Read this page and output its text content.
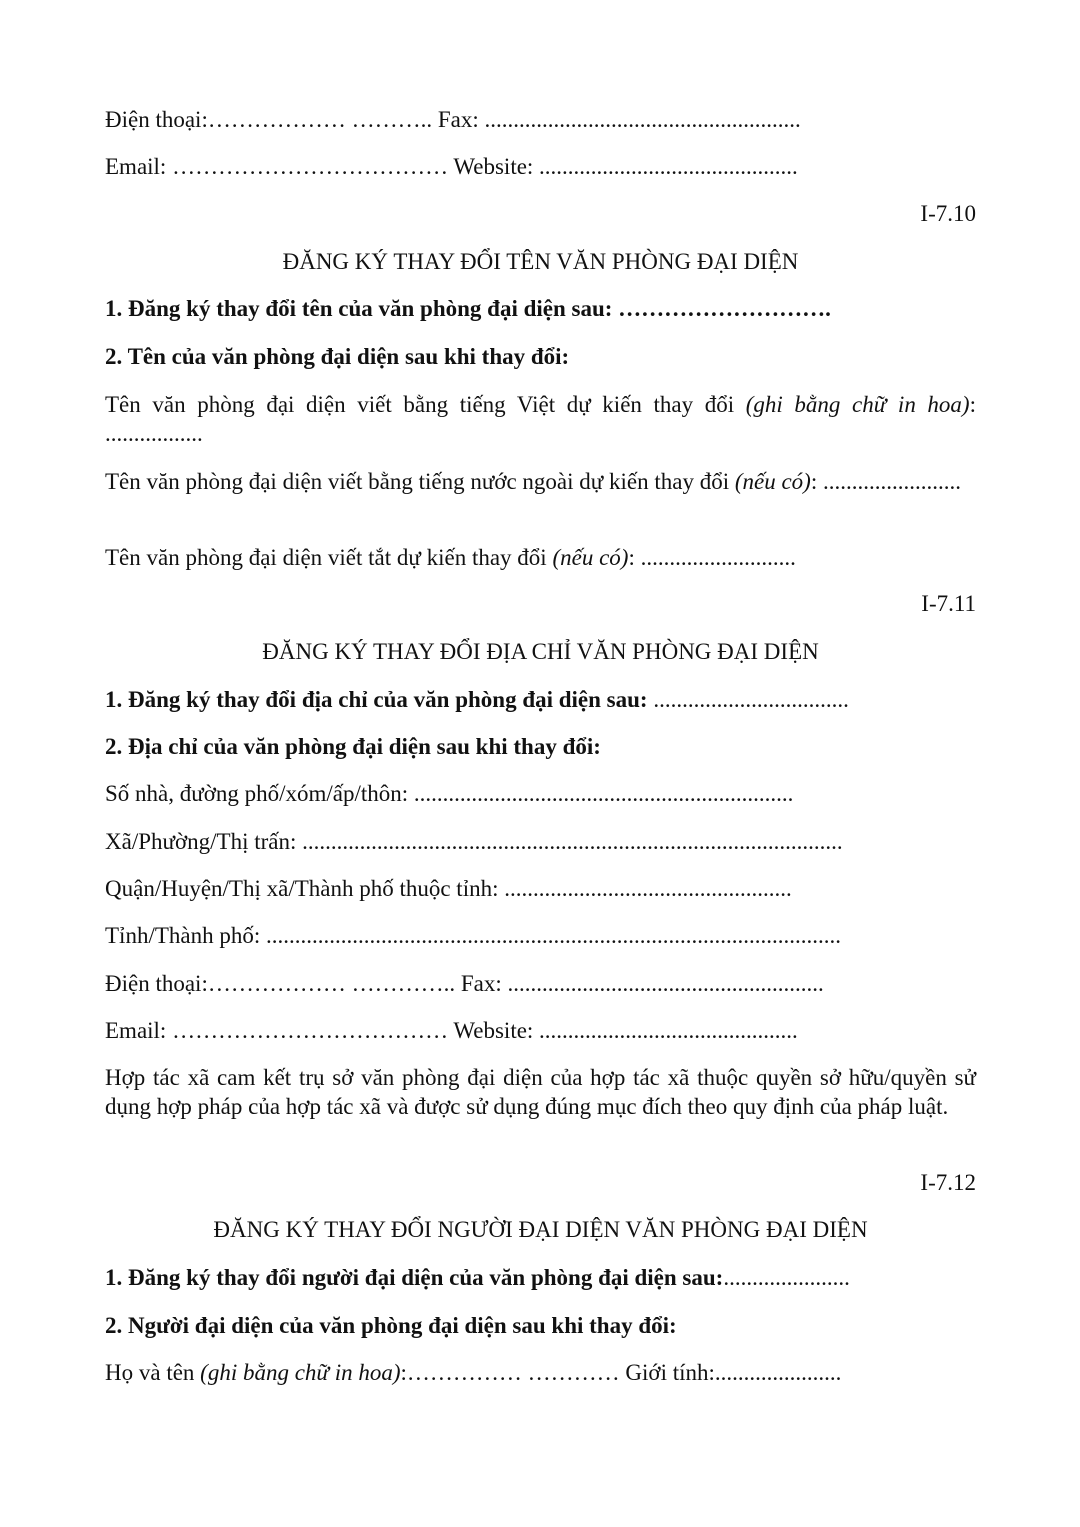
Điện thoại:……………… ……….. Fax: .......................................................
Email: ……………………………… Website: .............................................
I-7.10
ĐĂNG KÝ THAY ĐỔI TÊN VĂN PHÒNG ĐẠI DIỆN
1. Đăng ký thay đổi tên của văn phòng đại diện sau: ……………………….
2. Tên của văn phòng đại diện sau khi thay đổi:
Tên văn phòng đại diện viết bằng tiếng Việt dự kiến thay đổi (ghi bằng chữ in hoa): .................
Tên văn phòng đại diện viết bằng tiếng nước ngoài dự kiến thay đổi (nếu có): ........................
Tên văn phòng đại diện viết tắt dự kiến thay đổi (nếu có): ...........................
I-7.11
ĐĂNG KÝ THAY ĐỔI ĐỊA CHỈ VĂN PHÒNG ĐẠI DIỆN
1. Đăng ký thay đổi địa chỉ của văn phòng đại diện sau: ..................................
2. Địa chỉ của văn phòng đại diện sau khi thay đổi:
Số nhà, đường phố/xóm/ấp/thôn: ..................................................................
Xã/Phường/Thị trấn: ..............................................................................................
Quận/Huyện/Thị xã/Thành phố thuộc tỉnh: ..................................................
Tỉnh/Thành phố: ....................................................................................................
Điện thoại:……………… ………….. Fax: .......................................................
Email: ……………………………… Website: .............................................
Hợp tác xã cam kết trụ sở văn phòng đại diện của hợp tác xã thuộc quyền sở hữu/quyền sử dụng hợp pháp của hợp tác xã và được sử dụng đúng mục đích theo quy định của pháp luật.
I-7.12
ĐĂNG KÝ THAY ĐỔI NGƯỜI ĐẠI DIỆN VĂN PHÒNG ĐẠI DIỆN
1. Đăng ký thay đổi người đại diện của văn phòng đại diện sau:......................
2. Người đại diện của văn phòng đại diện sau khi thay đổi:
Họ và tên (ghi bằng chữ in hoa):…………… ………… Giới tính:......................
